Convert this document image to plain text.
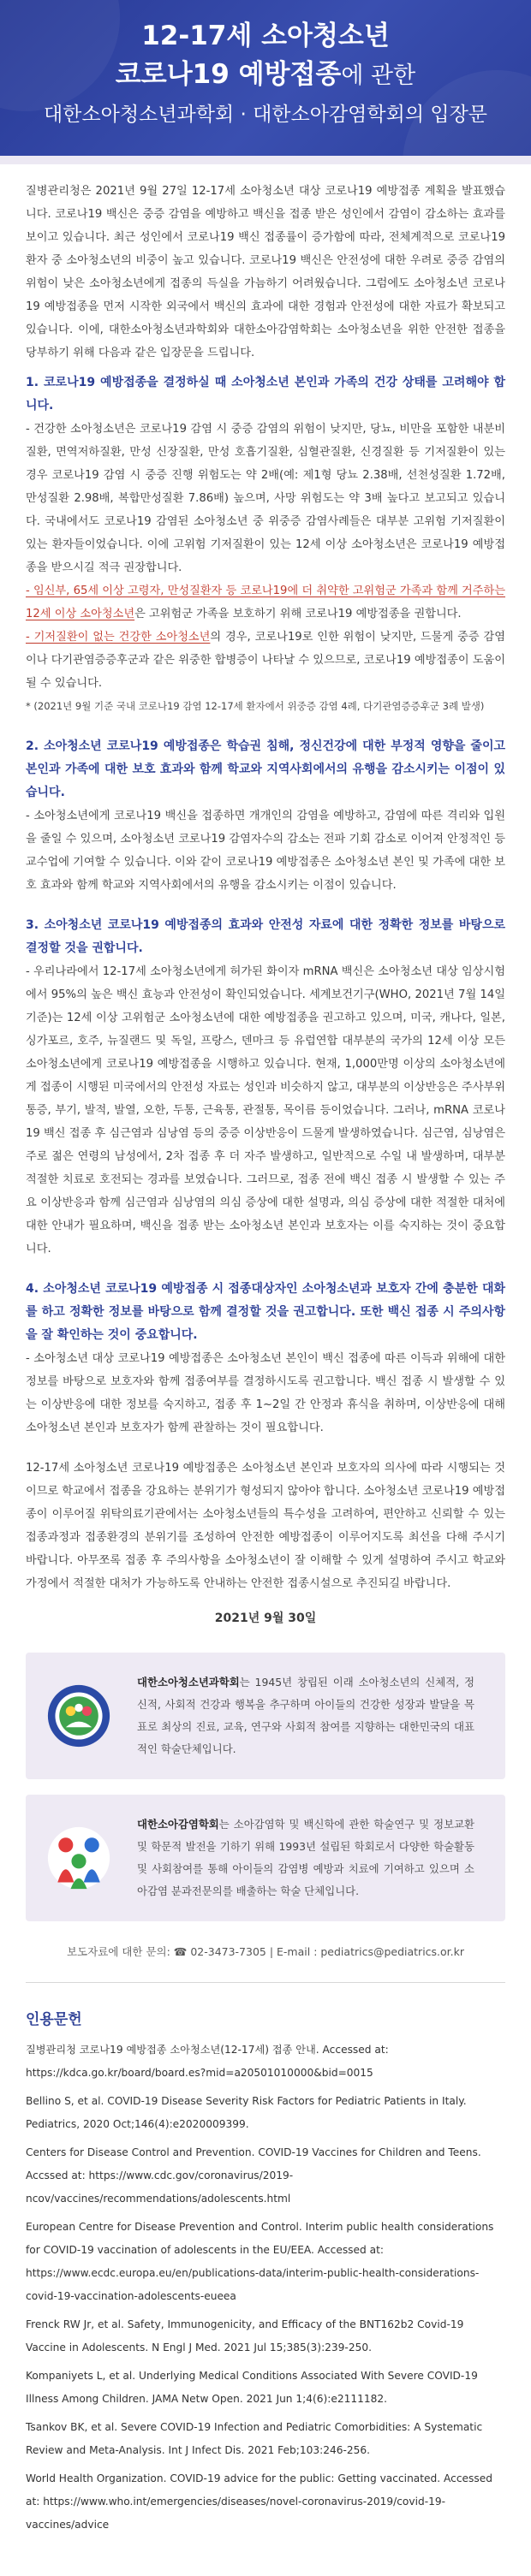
12-17세 소아청소년
코로나19 예방접종에 관한
대한소아청소년과학회 · 대한소아감염학회의 입장문

질병관리청은 2021년 9월 27일 12-17세 소아청소년 대상 코로나19 예방접종 계획을 발표했습니다. 코로나19 백신은 중증 감염을 예방하고 백신을 접종 받은 성인에서 감염이 감소하는 효과를 보이고 있습니다. 최근 성인에서 코로나19 백신 접종률이 증가함에 따라, 전체계적으로 코로나19 환자 중 소아청소년의 비중이 높고 있습니다. 코로나19 백신은 안전성에 대한 우려로 중증 감염의 위험이 낮은 소아청소년에게 접종의 득실을 가늠하기 어려웠습니다. 그럼에도 소아청소년 코로나19 예방접종을 먼저 시작한 외국에서 백신의 효과에 대한 경험과 안전성에 대한 자료가 확보되고 있습니다. 이에, 대한소아청소년과학회와 대한소아감염학회는 소아청소년을 위한 안전한 접종을 당부하기 위해 다음과 같은 입장문을 드립니다.

1. 코로나19 예방접종을 결정하실 때 소아청소년 본인과 가족의 건강 상태를 고려해야 합니다.

- 건강한 소아청소년은 코로나19 감염 시 중증 감염의 위험이 낮지만, 당뇨, 비만을 포함한 내분비질환, 면역저하질환, 만성 신장질환, 만성 호흡기질환, 심혈관질환, 신경질환 등 기저질환이 있는 경우 코로나19 감염 시 중증 진행 위험도는 약 2배(예: 제1형 당뇨 2.38배, 선천성질환 1.72배, 만성질환 2.98배, 복합만성질환 7.86배) 높으며, 사망 위험도는 약 3배 높다고 보고되고 있습니다. 국내에서도 코로나19 감염된 소아청소년 중 위중증 감염사례들은 대부분 고위험 기저질환이 있는 환자들이었습니다. 이에 고위험 기저질환이 있는 12세 이상 소아청소년은 코로나19 예방접종을 받으시길 적극 권장합니다.

- 임신부, 65세 이상 고령자, 만성질환자 등 코로나19에 더 취약한 고위험군 가족과 함께 거주하는 12세 이상 소아청소년은 고위험군 가족을 보호하기 위해 코로나19 예방접종을 권합니다.

- 기저질환이 없는 건강한 소아청소년의 경우, 코로나19로 인한 위험이 낮지만, 드물게 중증 감염이나 다기관염증증후군과 같은 위중한 합병증이 나타날 수 있으므로, 코로나19 예방접종이 도움이 될 수 있습니다.

* (2021년 9월 기준 국내 코로나19 감염 12-17세 환자에서 위중증 감염 4례, 다기관염증증후군 3례 발생)

2. 소아청소년 코로나19 예방접종은 학습권 침해, 정신건강에 대한 부정적 영향을 줄이고 본인과 가족에 대한 보호 효과와 함께 학교와 지역사회에서의 유행을 감소시키는 이점이 있습니다.

- 소아청소년에게 코로나19 백신을 접종하면 개개인의 감염을 예방하고, 감염에 따른 격리와 입원을 줄일 수 있으며, 소아청소년 코로나19 감염자수의 감소는 전파 기회 감소로 이어져 안정적인 등교수업에 기여할 수 있습니다. 이와 같이 코로나19 예방접종은 소아청소년 본인 및 가족에 대한 보호 효과와 함께 학교와 지역사회에서의 유행을 감소시키는 이점이 있습니다.

3. 소아청소년 코로나19 예방접종의 효과와 안전성 자료에 대한 정확한 정보를 바탕으로 결정할 것을 권합니다.

- 우리나라에서 12-17세 소아청소년에게 허가된 화이자 mRNA 백신은 소아청소년 대상 임상시험에서 95%의 높은 백신 효능과 안전성이 확인되었습니다. 세계보건기구(WHO, 2021년 7월 14일 기준)는 12세 이상 고위험군 소아청소년에 대한 예방접종을 권고하고 있으며, 미국, 캐나다, 일본, 싱가포르, 호주, 뉴질랜드 및 독일, 프랑스, 덴마크 등 유럽연합 대부분의 국가의 12세 이상 모든 소아청소년에게 코로나19 예방접종을 시행하고 있습니다. 현재, 1,000만명 이상의 소아청소년에게 접종이 시행된 미국에서의 안전성 자료는 성인과 비슷하지 않고, 대부분의 이상반응은 주사부위 통증, 부기, 발적, 발열, 오한, 두통, 근육통, 관절통, 목이름 등이었습니다. 그러나, mRNA 코로나19 백신 접종 후 심근염과 심낭염 등의 중증 이상반응이 드물게 발생하였습니다. 심근염, 심낭염은 주로 젊은 연령의 남성에서, 2차 접종 후 더 자주 발생하고, 일반적으로 수일 내 발생하며, 대부분 적절한 치료로 호전되는 경과를 보였습니다. 그러므로, 접종 전에 백신 접종 시 발생할 수 있는 주요 이상반응과 함께 심근염과 심낭염의 의심 증상에 대한 설명과, 의심 증상에 대한 적절한 대처에 대한 안내가 필요하며, 백신을 접종 받는 소아청소년 본인과 보호자는 이를 숙지하는 것이 중요합니다.

4. 소아청소년 코로나19 예방접종 시 접종대상자인 소아청소년과 보호자 간에 충분한 대화를 하고 정확한 정보를 바탕으로 함께 결정할 것을 권고합니다. 또한 백신 접종 시 주의사항을 잘 확인하는 것이 중요합니다.

- 소아청소년 대상 코로나19 예방접종은 소아청소년 본인이 백신 접종에 따른 이득과 위해에 대한 정보를 바탕으로 보호자와 함께 접종여부를 결정하시도록 권고합니다. 백신 접종 시 발생할 수 있는 이상반응에 대한 정보를 숙지하고, 접종 후 1~2일 간 안정과 휴식을 취하며, 이상반응에 대해 소아청소년 본인과 보호자가 함께 관찰하는 것이 필요합니다.

12-17세 소아청소년 코로나19 예방접종은 소아청소년 본인과 보호자의 의사에 따라 시행되는 것이므로 학교에서 접종을 강요하는 분위기가 형성되지 않아야 합니다. 소아청소년 코로나19 예방접종이 이루어질 위탁의료기관에서는 소아청소년들의 특수성을 고려하여, 편안하고 신뢰할 수 있는 접종과정과 접종환경의 분위기를 조성하여 안전한 예방접종이 이루어지도록 최선을 다해 주시기 바랍니다. 아무쪼록 접종 후 주의사항을 소아청소년이 잘 이해할 수 있게 설명하여 주시고 학교와 가정에서 적절한 대처가 가능하도록 안내하는 안전한 접종시설으로 추진되길 바랍니다.

2021년 9월 30일
대한소아청소년과학회는 1945년 창립된 이래 소아청소년의 신체적, 정신적, 사회적 건강과 행복을 추구하며 아이들의 건강한 성장과 발달을 목표로 최상의 진료, 교육, 연구와 사회적 참여를 지향하는 대한민국의 대표적인 학술단체입니다.
대한소아감염학회는 소아감염학 및 백신학에 관한 학술연구 및 정보교환 및 학문적 발전을 기하기 위해 1993년 설립된 학회로서 다양한 학술활동 및 사회참여를 통해 아이들의 감염병 예방과 치료에 기여하고 있으며 소아감염 분과전문의를 배출하는 학술 단체입니다.
보도자료에 대한 문의: ☎ 02-3473-7305 | E-mail : pediatrics@pediatrics.or.kr
인용문헌
질병관리청 코로나19 예방접종 소아청소년(12-17세) 접종 안내. Accessed at: https://kdca.go.kr/board/board.es?mid=a20501010000&bid=0015
Bellino S, et al. COVID-19 Disease Severity Risk Factors for Pediatric Patients in Italy. Pediatrics, 2020 Oct;146(4):e2020009399.
Centers for Disease Control and Prevention. COVID-19 Vaccines for Children and Teens. Accssed at: https://www.cdc.gov/coronavirus/2019-ncov/vaccines/recommendations/adolescents.html
European Centre for Disease Prevention and Control. Interim public health considerations for COVID-19 vaccination of adolescents in the EU/EEA. Accessed at: https://www.ecdc.europa.eu/en/publications-data/interim-public-health-considerations-covid-19-vaccination-adolescents-eueea
Frenck RW Jr, et al. Safety, Immunogenicity, and Efficacy of the BNT162b2 Covid-19 Vaccine in Adolescents. N Engl J Med. 2021 Jul 15;385(3):239-250.
Kompaniyets L, et al. Underlying Medical Conditions Associated With Severe COVID-19 Illness Among Children. JAMA Netw Open. 2021 Jun 1;4(6):e2111182.
Tsankov BK, et al. Severe COVID-19 Infection and Pediatric Comorbidities: A Systematic Review and Meta-Analysis. Int J Infect Dis. 2021 Feb;103:246-256.
World Health Organization. COVID-19 advice for the public: Getting vaccinated. Accessed at: https://www.who.int/emergencies/diseases/novel-coronavirus-2019/covid-19-vaccines/advice
